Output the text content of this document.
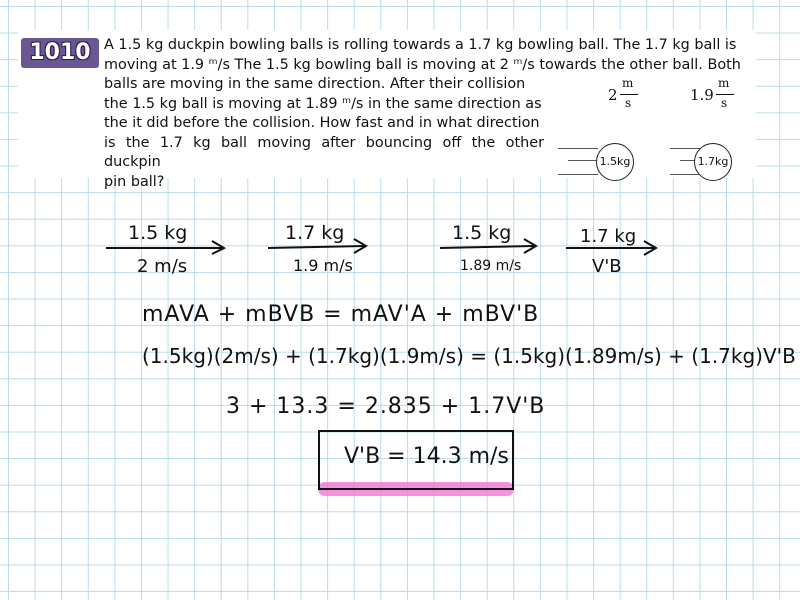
1010 A 1.5 kg duckpin bowling balls is rolling towards a 1.7 kg bowling ball. The 1.7 kg ball is
moving at 1.9 ᵐ/s The 1.5 kg bowling ball is moving at 2 ᵐ/s towards the other ball. Both
balls are moving in the same direction. After their collision
the 1.5 kg ball is moving at 1.89 ᵐ/s in the same direction as
the it did before the collision. How fast and in what direction
is the 1.7 kg ball moving after bouncing off the other duckpin
pin ball?
2
m
s	1.9
m
s
1.5kg	1.7kg
1.5 kg
2 m/s
1.7 kg
1.9 m/s
1.5 kg
1.89 m/s
1.7 kg
V'B
mAVA + mBVB = mAV'A + mBV'B
(1.5kg)(2m/s) + (1.7kg)(1.9m/s) = (1.5kg)(1.89m/s) + (1.7kg)V'B
3 + 13.3 = 2.835 + 1.7V'B
V'B = 14.3 m/s
